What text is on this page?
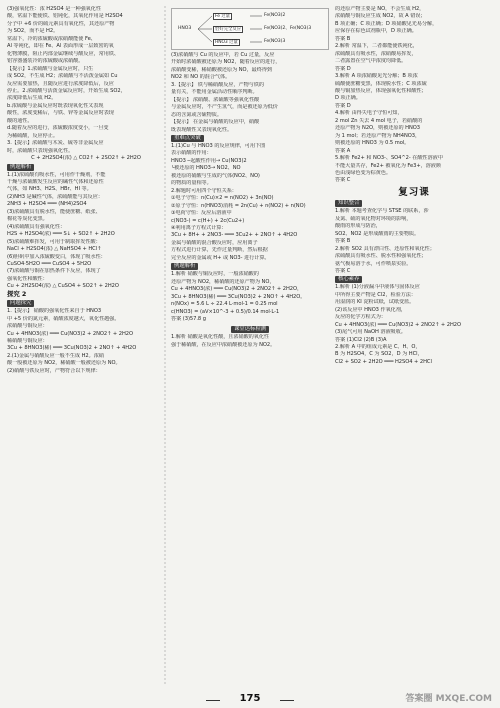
(3)强氧化性：浓 H2SO4 是一种强氧化性

酸，常温下能使铁、铝钝化，其氧化作用是 H2SO4

分子中 +6 价的硫元素具有氧化性，其还原产物

为 SO2，而不是 H2。

常温下，冷的浓硫酸或浓硝酸能使 Fe、

Al 等钝化，即在 Fe、Al 表面形成一层致密的氧

化物薄膜，阻止内部金属继续与酸反应，常用铁、

铝容器盛装冷的浓硫酸或浓硝酸。

【提示】1.浓硫酸与金属反应时，只生

成 SO2，不生成 H2；浓硫酸与不活泼金属如 Cu

反应需要加热，且随反应进行浓度降低后，反应

停止。2.浓硫酸与活泼金属反应时，开始生成 SO2，

浓度降低后生成 H2。

b.浓硫酸与金属反应时既表现氧化性又表现

酸性，浓度变稀后，与铁、锌等金属反应时表现

酸的通性。

d.随着反应的进行，浓硫酸浓度变小，一旦变

为稀硫酸，反应停止。

3.【提示】浓硫酸与木炭、硫等非金属反应

时，浓硫酸只表现强氧化性。

C + 2H2SO4(浓) △ CO2↑ + 2SO2↑ + 2H2O

例题解析

1.(1)浓硫酸有吸水性，可用作干燥剂，不能

干燥与浓硫酸发生反应的碱性气体和还原性

气体，如 NH3、H2S、HBr、HI 等。

(2)NH3 是碱性气体，浓硫酸能与其反应：

2NH3 + H2SO4 ═══ (NH4)2SO4

(3)浓硫酸具有脱水性，能使蔗糖、纸张、

棉花等炭化变黑。

(4)浓硫酸具有强氧化性：

H2S + H2SO4(浓) ═══ S↓ + SO2↑ + 2H2O

(5)浓硫酸难挥发，可用于制取挥发性酸：

NaCl + H2SO4(浓) △ NaHSO4 + HCl↑

(6)胆矾中加入浓硫酸变白，体现了吸水性：

CuSO4·5H2O ═══ CuSO4 + 5H2O

(7)浓硫酸与铜在加热条件下反应，体现了

强氧化性和酸性：

Cu + 2H2SO4(浓) △ CuSO4 + SO2↑ + 2H2O

探究 2
问题探究

1.【提示】 硝酸的强氧化性来自于 HNO3

中 +5 价的氮元素，硝酸浓度越大，氧化性越强。

浓硝酸与铜反应：

Cu + 4HNO3(浓) ═══ Cu(NO3)2 + 2NO2↑ + 2H2O

稀硝酸与铜反应：

3Cu + 8HNO3(稀) ═══ 3Cu(NO3)2 + 2NO↑ + 4H2O

2.(1)金属与硝酸反应一般不生成 H2。浓硝

酸一般被还原为 NO2，稀硝酸一般被还原为 NO。

(2)硝酸与铁反应时，产物符合以下规律：

HNO3
Fe 过量
恰好完全反应
HNO3 过量
Fe(NO3)2
Fe(NO3)2、Fe(NO3)3
Fe(NO3)3

(3)浓硝酸与 Cu 的反应中，若 Cu 过量，反应

开始时浓硝酸被还原为 NO2，随着反应的进行，

浓硝酸变稀，稀硝酸被还原为 NO，最终得到

NO2 和 NO 的混合气体。

3.【提示】 铁与稀硝酸反应，产物与铁的

量有关，不能用金属活动性顺序判断。

【提示】 浓硝酸、浓硫酸等强氧化性酸

与金属反应时，不产生氢气，而是被还原为低价

态的含氮或含硫物质。

【提示】 在金属与硝酸的反应中，硝酸

既表现酸性又表现氧化性。

重难点突破

1.(1)Cu 与 HNO3 的反应规律，可用下图

表示硝酸的作用：

HNO3 ─起酸性作用→ Cu(NO3)2

└被还原的 HNO3→ NO2、NO

被还原的硝酸与生成的气体(NO2、NO)

的物质的量相等。

2.解题时可用四个守恒关系：

①电子守恒：n(Cu)×2 = n(NO2) + 3n(NO)

②原子守恒：n(HNO3)消耗 = 2n(Cu) + n(NO2) + n(NO)

③电荷守恒：反应后溶液中

c(NO3-) = c(H+) + 2c(Cu2+)

④利用离子方程式计算：

3Cu + 8H+ + 2NO3- ═══ 3Cu2+ + 2NO↑ + 4H2O

金属与硝酸的混合酸反应时，应用离子

方程式进行计算，先作过量判断，然后根据

完全反应的金属或 H+ 或 NO3- 进行计算。

例题解析

1.解析 硝酸与铜反应时，一般浓硝酸的

还原产物为 NO2，稀硝酸的还原产物为 NO，

Cu + 4HNO3(浓) ═══ Cu(NO3)2 + 2NO2↑ + 2H2O，

3Cu + 8HNO3(稀) ═══ 3Cu(NO3)2 + 2NO↑ + 4H2O。

n(NOx) = 5.6 L ÷ 22.4 L·mol-1 = 0.25 mol

c(HNO3) = (aV×10^-3 + 0.5)/0.14 mol·L-1

答案 (3)57.8 g

课堂达标检测

1.解析 硝酸是氧化性酸，且浓硝酸的氧化性

强于稀硝酸，在反应中浓硝酸被还原为 NO2。

的还原产物主要是 NO，不会生成 H2，

浓硝酸与铜反应生成 NO2，故 A 错误；

B 项正确；C 项正确；D 项硝酸见光易分解，

应保存在棕色试剂瓶中，D 项正确。

答案 B

2.解析 常温下，二者都能使铁钝化，

浓硫酸具有吸水性，浓硝酸易挥发，

二者露置在空气中浓度均降低。

答案 D

3.解析 A 项浓硝酸见光分解；B 项浓

硫酸使蔗糖变黑，体现脱水性；C 项浓硫

酸与铜加热反应，体现强氧化性和酸性；

D 项正确。

答案 D

4.解析 由得失电子守恒可知，

2 mol Zn 失去 4 mol 电子，若硝酸的

还原产物为 N2O，则被还原的 HNO3

为 1 mol；若还原产物为 NH4NO3，

则被还原的 HNO3 为 0.5 mol。

答案 A

5.解析 Fe2+ 和 NO3-、SO4^2- 在酸性溶液中

不能大量共存，Fe2+ 被氧化为 Fe3+，溶液颜

色由浅绿色变为棕黄色。

答案 C

复习课
知识整合

1.解析 本题考查化学与 STSE 的联系，涉

及氮、硫的氧化物对环境的影响，

酸雨的形成与防治，

SO2、NO2 是形成酸雨的主要物质。

答案 B

2.解析 SO2 具有漂白性、还原性和氧化性；

浓硫酸具有吸水性、脱水性和强氧化性；

氨气极易溶于水，可作喷泉实验。

答案 C

核心素养

1.解析 (1)分液漏斗中液体与固体反应

中所得主要产物是 Cl2，检验方法：

用湿润的 KI 淀粉试纸，试纸变蓝。

(2)该反应中 HNO3 作氧化剂，

反应的化学方程式为：

Cu + 4HNO3(浓) ═══ Cu(NO3)2 + 2NO2↑ + 2H2O

(3)尾气可用 NaOH 溶液吸收。

答案 (1)Cl2 (2)B (3)A

2.解析 A 中的组成元素是 C、H、O，

B 为 H2SO4，C 为 SO2，D 为 HCl，

Cl2 + SO2 + 2H2O ═══ H2SO4 + 2HCl

175	答案圈 MXQE.COM
